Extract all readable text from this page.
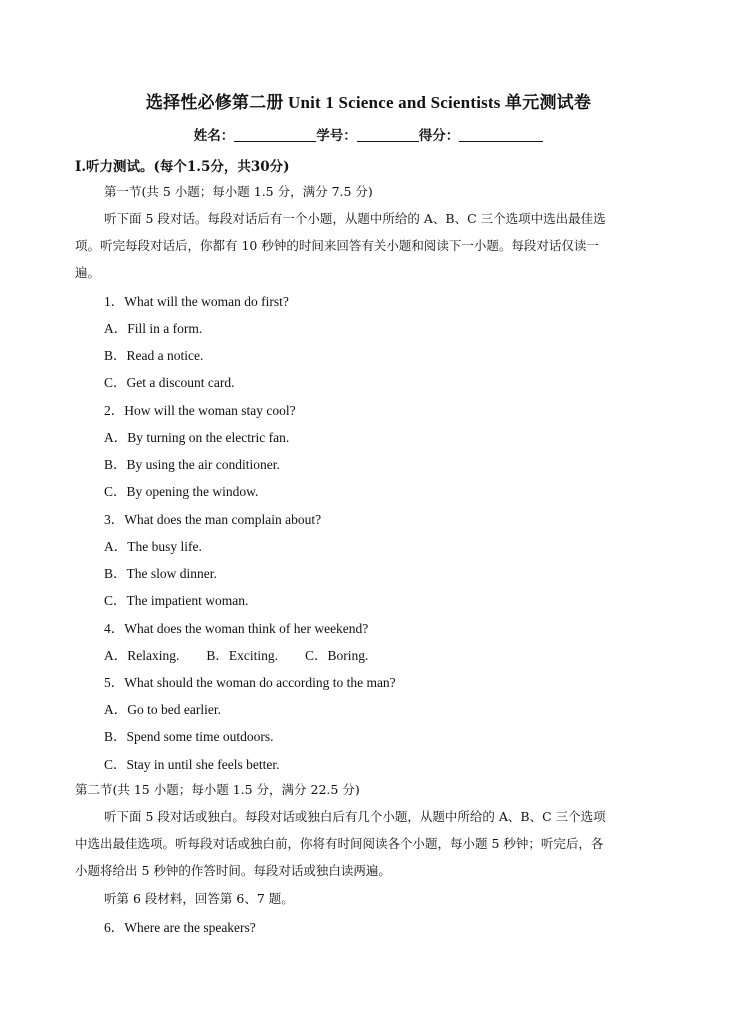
选择性必修第二册 Unit 1 Science and Scientists 单元测试卷
姓名：	学号：	得分：
I.听力测试。(每个1.5分，共30分)
第一节(共 5 小题；每小题 1.5 分，满分 7.5 分)
听下面 5 段对话。每段对话后有一个小题，从题中所给的 A、B、C 三个选项中选出最佳选
项。听完每段对话后，你都有 10 秒钟的时间来回答有关小题和阅读下一小题。每段对话仅读一
遍。
1．What will the woman do first?
A．Fill in a form.
B．Read a notice.
C．Get a discount card.
2．How will the woman stay cool?
A．By turning on the electric fan.
B．By using the air conditioner.
C．By opening the window.
3．What does the man complain about?
A．The busy life.
B．The slow dinner.
C．The impatient woman.
4．What does the woman think of her weekend?
A．Relaxing.　　B．Exciting.　　C．Boring.
5．What should the woman do according to the man?
A．Go to bed earlier.
B．Spend some time outdoors.
C．Stay in until she feels better.
第二节(共 15 小题；每小题 1.5 分，满分 22.5 分)
听下面 5 段对话或独白。每段对话或独白后有几个小题，从题中所给的 A、B、C 三个选项
中选出最佳选项。听每段对话或独白前，你将有时间阅读各个小题，每小题 5 秒钟；听完后，各
小题将给出 5 秒钟的作答时间。每段对话或独白读两遍。
听第 6 段材料，回答第 6、7 题。
6．Where are the speakers?
